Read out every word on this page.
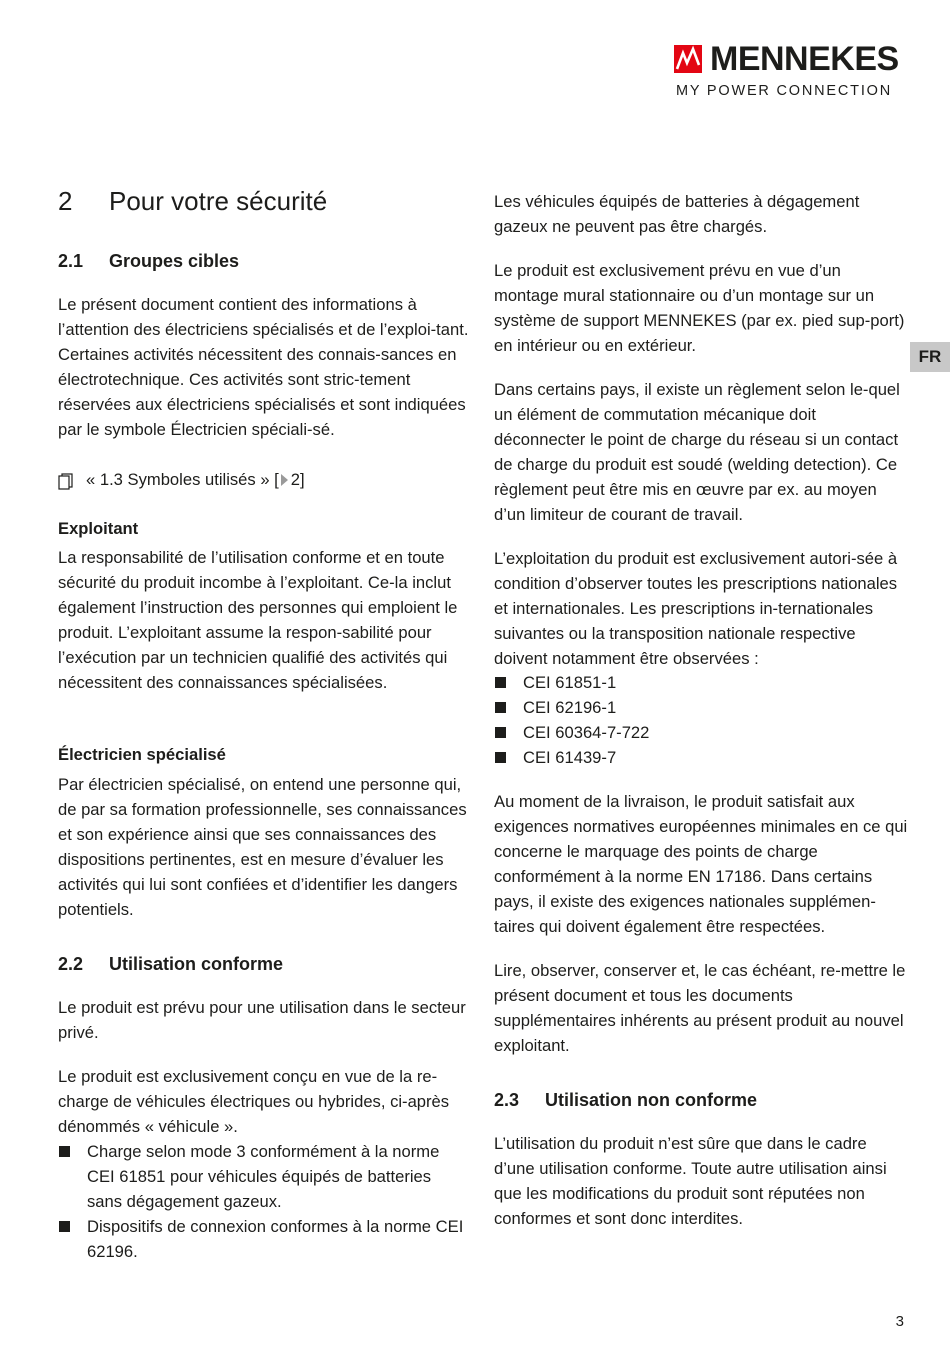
MENNEKES
MY POWER CONNECTION
FR
2 Pour votre sécurité
2.1 Groupes cibles

Le présent document contient des informations à l’attention des électriciens spécialisés et de l’exploi-tant. Certaines activités nécessitent des connais-sances en électrotechnique. Ces activités sont stric-tement réservées aux électriciens spécialisés et sont indiquées par le symbole Électricien spéciali-sé.

« 1.3 Symboles utilisés » [ 2]
Exploitant

La responsabilité de l’utilisation conforme et en toute sécurité du produit incombe à l’exploitant. Ce-la inclut également l’instruction des personnes qui emploient le produit. L’exploitant assume la respon-sabilité pour l’exécution par un technicien qualifié des activités qui nécessitent des connaissances spécialisées.

Électricien spécialisé

Par électricien spécialisé, on entend une personne qui, de par sa formation professionnelle, ses connaissances et son expérience ainsi que ses connaissances des dispositions pertinentes, est en mesure d’évaluer les activités qui lui sont confiées et d’identifier les dangers potentiels.

2.2 Utilisation conforme

Le produit est prévu pour une utilisation dans le secteur privé.

Le produit est exclusivement conçu en vue de la re-charge de véhicules électriques ou hybrides, ci-après dénommés « véhicule ».

Charge selon mode 3 conformément à la norme CEI 61851 pour véhicules équipés de batteries sans dégagement gazeux.
Dispositifs de connexion conformes à la norme CEI 62196.

Les véhicules équipés de batteries à dégagement gazeux ne peuvent pas être chargés.

Le produit est exclusivement prévu en vue d’un montage mural stationnaire ou d’un montage sur un système de support MENNEKES (par ex. pied sup-port) en intérieur ou en extérieur.

Dans certains pays, il existe un règlement selon le-quel un élément de commutation mécanique doit déconnecter le point de charge du réseau si un contact de charge du produit est soudé (welding detection). Ce règlement peut être mis en œuvre par ex. au moyen d’un limiteur de courant de travail.

L’exploitation du produit est exclusivement autori-sée à condition d’observer toutes les prescriptions nationales et internationales. Les prescriptions in-ternationales suivantes ou la transposition nationale respective doivent notamment être observées :

CEI 61851-1
CEI 62196-1
CEI 60364-7-722
CEI 61439-7

Au moment de la livraison, le produit satisfait aux exigences normatives européennes minimales en ce qui concerne le marquage des points de charge conformément à la norme EN 17186. Dans certains pays, il existe des exigences nationales supplémen-taires qui doivent également être respectées.

Lire, observer, conserver et, le cas échéant, re-mettre le présent document et tous les documents supplémentaires inhérents au présent produit au nouvel exploitant.

2.3 Utilisation non conforme

L’utilisation du produit n’est sûre que dans le cadre d’une utilisation conforme. Toute autre utilisation ainsi que les modifications du produit sont réputées non conformes et sont donc interdites.

3
